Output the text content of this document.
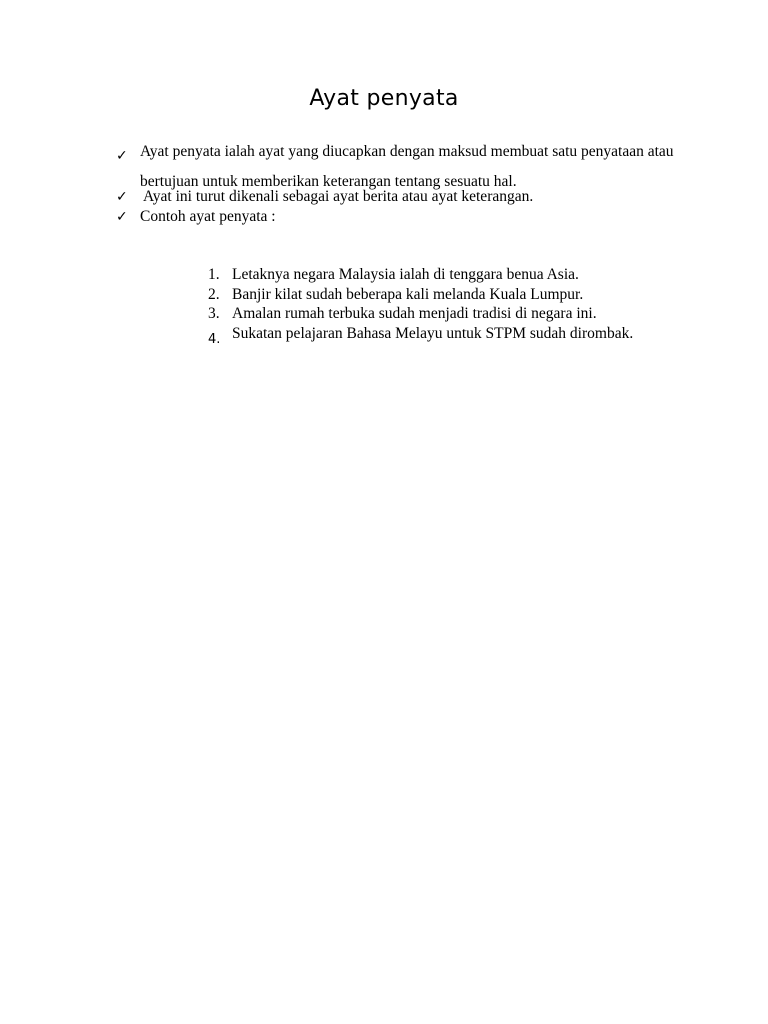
Ayat penyata
✓ Ayat penyata ialah ayat yang diucapkan dengan maksud membuat satu penyataan atau bertujuan untuk memberikan keterangan tentang sesuatu hal.
✓ Ayat ini turut dikenali sebagai ayat berita atau ayat keterangan.
✓ Contoh ayat penyata :
1. Letaknya negara Malaysia ialah di tenggara benua Asia.
2. Banjir kilat sudah beberapa kali melanda Kuala Lumpur.
3. Amalan rumah terbuka sudah menjadi tradisi di negara ini.
4. Sukatan pelajaran Bahasa Melayu untuk STPM sudah dirombak.
